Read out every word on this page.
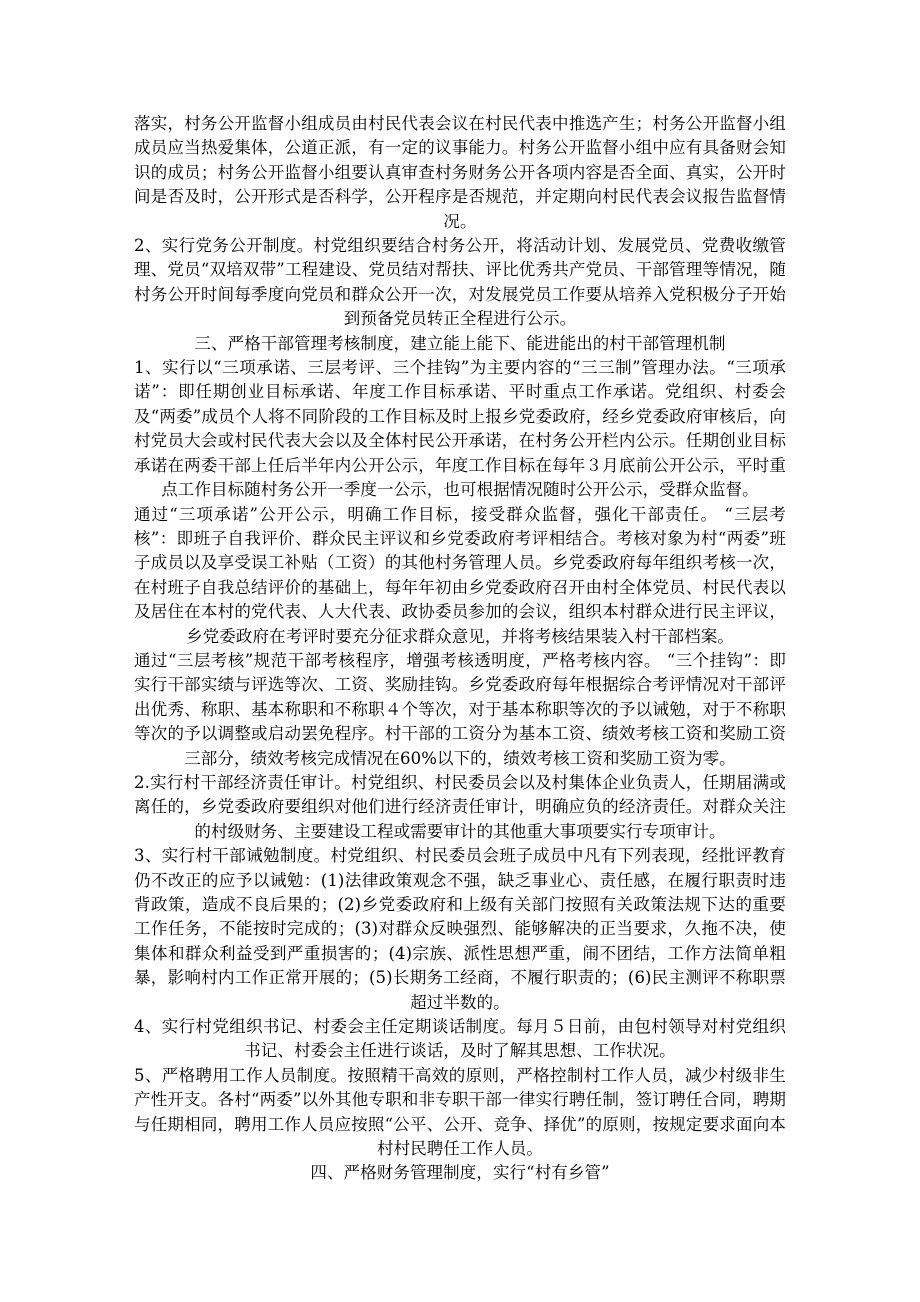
落实，村务公开监督小组成员由村民代表会议在村民代表中推选产生；村务公开监督小组成员应当热爱集体，公道正派，有一定的议事能力。村务公开监督小组中应有具备财会知识的成员；村务公开监督小组要认真审查村务财务公开各项内容是否全面、真实，公开时间是否及时，公开形式是否科学，公开程序是否规范，并定期向村民代表会议报告监督情况。

2、实行党务公开制度。村党组织要结合村务公开，将活动计划、发展党员、党费收缴管理、党员“双培双带”工程建设、党员结对帮扶、评比优秀共产党员、干部管理等情况，随村务公开时间每季度向党员和群众公开一次，对发展党员工作要从培养入党积极分子开始到预备党员转正全程进行公示。

三、严格干部管理考核制度，建立能上能下、能进能出的村干部管理机制

1、实行以“三项承诺、三层考评、三个挂钩”为主要内容的“三三制”管理办法。“三项承诺”：即任期创业目标承诺、年度工作目标承诺、平时重点工作承诺。党组织、村委会及“两委”成员个人将不同阶段的工作目标及时上报乡党委政府，经乡党委政府审核后，向村党员大会或村民代表大会以及全体村民公开承诺，在村务公开栏内公示。任期创业目标承诺在两委干部上任后半年内公开公示，年度工作目标在每年３月底前公开公示，平时重点工作目标随村务公开一季度一公示，也可根据情况随时公开公示，受群众监督。

通过“三项承诺”公开公示，明确工作目标，接受群众监督，强化干部责任。 “三层考核”：即班子自我评价、群众民主评议和乡党委政府考评相结合。考核对象为村“两委”班子成员以及享受误工补贴（工资）的其他村务管理人员。乡党委政府每年组织考核一次，在村班子自我总结评价的基础上，每年年初由乡党委政府召开由村全体党员、村民代表以及居住在本村的党代表、人大代表、政协委员参加的会议，组织本村群众进行民主评议，乡党委政府在考评时要充分征求群众意见，并将考核结果装入村干部档案。

通过“三层考核”规范干部考核程序，增强考核透明度，严格考核内容。 “三个挂钩”：即实行干部实绩与评选等次、工资、奖励挂钩。乡党委政府每年根据综合考评情况对干部评出优秀、称职、基本称职和不称职４个等次，对于基本称职等次的予以诫勉，对于不称职等次的予以调整或启动罢免程序。村干部的工资分为基本工资、绩效考核工资和奖励工资三部分，绩效考核完成情况在60%以下的，绩效考核工资和奖励工资为零。

2.实行村干部经济责任审计。村党组织、村民委员会以及村集体企业负责人，任期届满或离任的，乡党委政府要组织对他们进行经济责任审计，明确应负的经济责任。对群众关注的村级财务、主要建设工程或需要审计的其他重大事项要实行专项审计。

3、实行村干部诫勉制度。村党组织、村民委员会班子成员中凡有下列表现，经批评教育仍不改正的应予以诫勉：(1)法律政策观念不强，缺乏事业心、责任感，在履行职责时违背政策，造成不良后果的；(2)乡党委政府和上级有关部门按照有关政策法规下达的重要工作任务，不能按时完成的；(3)对群众反映强烈、能够解决的正当要求，久拖不决，使集体和群众利益受到严重损害的；(4)宗族、派性思想严重，闹不团结，工作方法简单粗暴，影响村内工作正常开展的；(5)长期务工经商，不履行职责的；(6)民主测评不称职票超过半数的。

4、实行村党组织书记、村委会主任定期谈话制度。每月５日前，由包村领导对村党组织书记、村委会主任进行谈话，及时了解其思想、工作状况。

5、严格聘用工作人员制度。按照精干高效的原则，严格控制村工作人员，减少村级非生产性开支。各村“两委”以外其他专职和非专职干部一律实行聘任制，签订聘任合同，聘期与任期相同，聘用工作人员应按照“公平、公开、竞争、择优”的原则，按规定要求面向本村村民聘任工作人员。

四、严格财务管理制度，实行“村有乡管”
